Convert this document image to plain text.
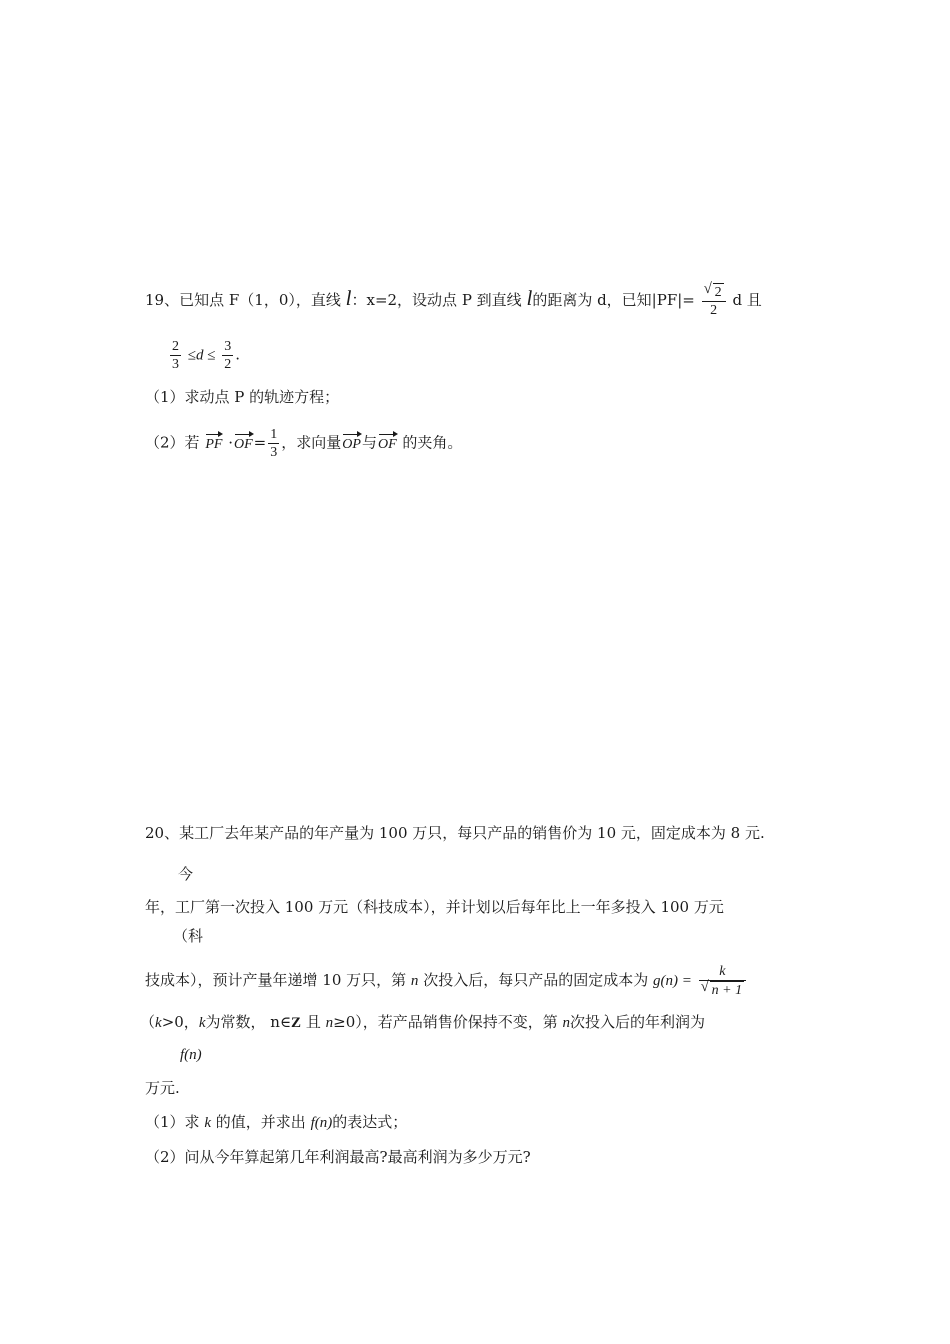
19、已知点 F（1，0），直线 l：x=2，设动点 P 到直线 l的距离为 d，已知$|PF|= \frac{√ 2}{2}$ d 且
$\frac{2}{3} \le d \le \frac{3}{2}$ .
（1）求动点 P 的轨迹方程；
（2）若 PF $\cdot OF= \frac{1}{3}$ ，求向量OP与OF 的夹角。
20、某工厂去年某产品的年产量为 100 万只，每只产品的销售价为 10 元，固定成本为 8 元.
今
年，工厂第一次投入 100 万元（科技成本），并计划以后每年比上一年多投入 100 万元
（科
技成本），预计产量年递增 10 万只，第 n 次投入后，每只产品的固定成本为 $g(n) = \frac{k}{√ n + 1}$
（k>0，k为常数， n∈Z 且 n≥0），若产品销售价保持不变，第 n次投入后的年利润为
f(n)
万元.
（1）求 k 的值，并求出 f(n)的表达式；
（2）问从今年算起第几年利润最高?最高利润为多少万元?
